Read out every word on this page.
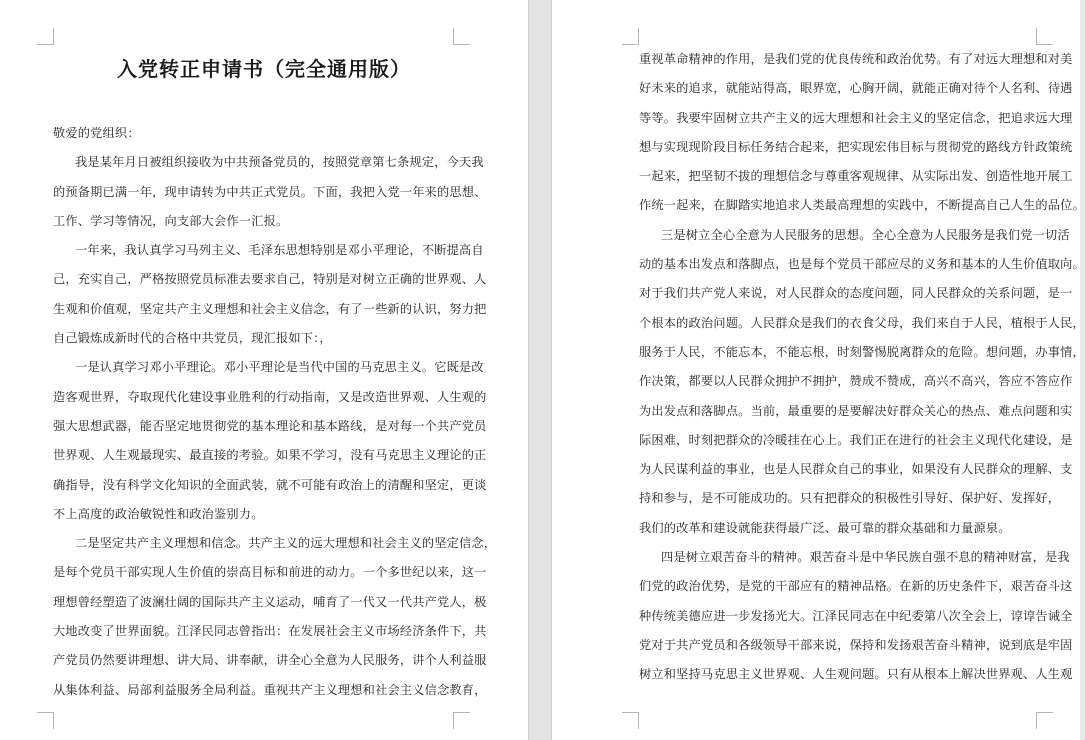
入党转正申请书（完全通用版）
敬爱的党组织：
我是某年月日被组织接收为中共预备党员的，按照党章第七条规定，今天我
的预备期已满一年，现申请转为中共正式党员。下面，我把入党一年来的思想、
工作、学习等情况，向支部大会作一汇报。
一年来，我认真学习马列主义、毛泽东思想特别是邓小平理论，不断提高自
己，充实自己，严格按照党员标准去要求自己，特别是对树立正确的世界观、人
生观和价值观，坚定共产主义理想和社会主义信念，有了一些新的认识，努力把
自己锻炼成新时代的合格中共党员，现汇报如下：，
一是认真学习邓小平理论。邓小平理论是当代中国的马克思主义。它既是改
造客观世界，夺取现代化建设事业胜利的行动指南，又是改造世界观、人生观的
强大思想武器，能否坚定地贯彻党的基本理论和基本路线，是对每一个共产党员
世界观、人生观最现实、最直接的考验。如果不学习，没有马克思主义理论的正
确指导，没有科学文化知识的全面武装，就不可能有政治上的清醒和坚定，更谈
不上高度的政治敏锐性和政治鉴别力。
二是坚定共产主义理想和信念。共产主义的远大理想和社会主义的坚定信念，
是每个党员干部实现人生价值的崇高目标和前进的动力。一个多世纪以来，这一
理想曾经塑造了波澜壮阔的国际共产主义运动，哺育了一代又一代共产党人，极
大地改变了世界面貌。江泽民同志曾指出：在发展社会主义市场经济条件下，共
产党员仍然要讲理想、讲大局、讲奉献，讲全心全意为人民服务，讲个人利益服
从集体利益、局部利益服务全局利益。重视共产主义理想和社会主义信念教育，
重视革命精神的作用，是我们党的优良传统和政治优势。有了对远大理想和对美
好未来的追求，就能站得高，眼界宽，心胸开阔，就能正确对待个人名利、待遇
等等。我要牢固树立共产主义的远大理想和社会主义的坚定信念，把追求远大理
想与实现现阶段目标任务结合起来，把实现宏伟目标与贯彻党的路线方针政策统
一起来，把坚韧不拔的理想信念与尊重客观规律、从实际出发、创造性地开展工
作统一起来，在脚踏实地追求人类最高理想的实践中，不断提高自己人生的品位。
三是树立全心全意为人民服务的思想。全心全意为人民服务是我们党一切活
动的基本出发点和落脚点，也是每个党员干部应尽的义务和基本的人生价值取向。
对于我们共产党人来说，对人民群众的态度问题，同人民群众的关系问题，是一
个根本的政治问题。人民群众是我们的衣食父母，我们来自于人民，植根于人民，
服务于人民，不能忘本，不能忘根，时刻警惕脱离群众的危险。想问题，办事情，
作决策，都要以人民群众拥护不拥护，赞成不赞成，高兴不高兴，答应不答应作
为出发点和落脚点。当前，最重要的是要解决好群众关心的热点、难点问题和实
际困难，时刻把群众的冷暖挂在心上。我们正在进行的社会主义现代化建设，是
为人民谋利益的事业，也是人民群众自己的事业，如果没有人民群众的理解、支
持和参与，是不可能成功的。只有把群众的积极性引导好、保护好、发挥好，
我们的改革和建设就能获得最广泛、最可靠的群众基础和力量源泉。
四是树立艰苦奋斗的精神。艰苦奋斗是中华民族自强不息的精神财富，是我
们党的政治优势，是党的干部应有的精神品格。在新的历史条件下，艰苦奋斗这
种传统美德应进一步发扬光大。江泽民同志在中纪委第八次全会上，谆谆告诫全
党对于共产党员和各级领导干部来说，保持和发扬艰苦奋斗精神，说到底是牢固
树立和坚持马克思主义世界观、人生观问题。只有从根本上解决世界观、人生观
